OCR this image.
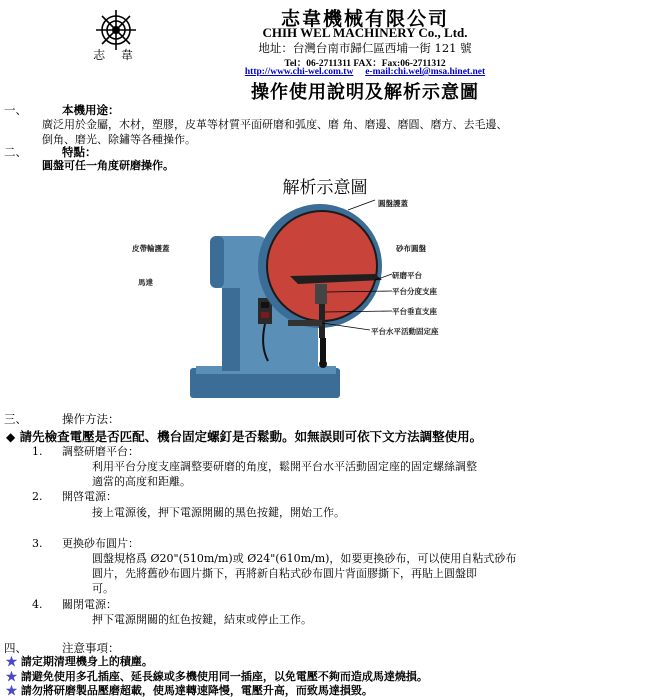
志 韋
志韋機械有限公司
CHIH WEL MACHINERY Co., Ltd.
地址：台灣台南市歸仁區西埔一街 121 號
Tel：06-2711311 FAX：Fax:06-2711312
http://www.chi-wel.com.tw e-mail:chi.wel@msa.hinet.net
操作使用說明及解析示意圖
一、	本機用途：
廣泛用於金屬，木材，塑膠，皮革等材質平面研磨和弧度、磨 角、磨邊、磨圓、磨方、去毛邊、
倒角、磨光、除鏽等各種操作。
二、	特點：
圓盤可任一角度研磨操作。
解析示意圖
圓盤護蓋
皮帶輪護蓋	砂布圓盤
馬達
研磨平台
平台分度支座
平台垂直支座
平台水平活動固定座
三、	操作方法：
◆ 請先檢查電壓是否匹配、機台固定螺釘是否鬆動。如無誤則可依下文方法調整使用。
1. 調整研磨平台：
利用平台分度支座調整要研磨的角度，鬆開平台水平活動固定座的固定螺絲調整
適當的高度和距離。
2. 開啓電源：
接上電源後，押下電源開關的黑色按鍵，開始工作。
3. 更換砂布圓片：
圓盤規格爲 Ø20"(510m/m)或 Ø24"(610m/m)，如要更換砂布，可以使用自粘式砂布
圓片，先將舊砂布圓片撕下，再將新自粘式砂布圓片背面膠撕下，再貼上圓盤即
可。
4. 關閉電源：
押下電源開關的紅色按鍵，結束或停止工作。
四、	注意事項：
★ 請定期清理機身上的積塵。
★ 請避免使用多孔插座、延長線或多機使用同一插座，以免電壓不夠而造成馬達燒損。
★ 請勿將研磨製品壓磨超載，使馬達轉速降慢，電壓升高，而致馬達損毀。
